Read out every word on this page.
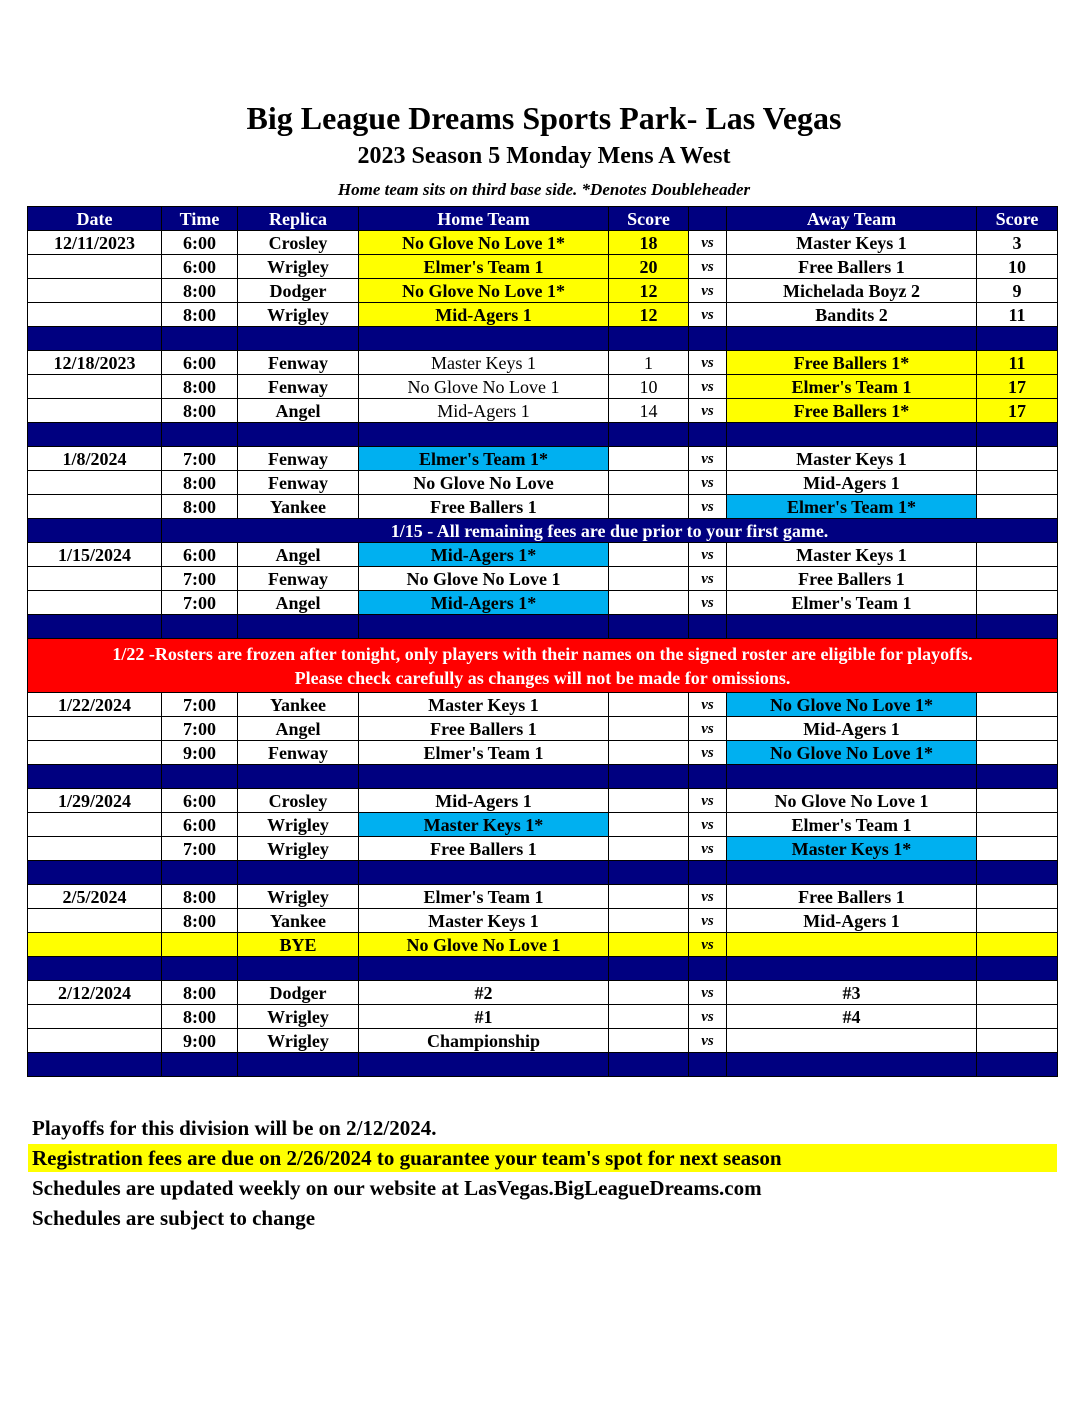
Big League Dreams Sports Park- Las Vegas
2023 Season 5 Monday Mens A West
Home team sits on third base side. *Denotes Doubleheader
Date	Time	Replica	Home Team	Score		Away Team	Score
12/11/2023	6:00	Crosley	No Glove No Love 1*	18	vs	Master Keys 1	3
	6:00	Wrigley	Elmer's Team 1	20	vs	Free Ballers 1	10
	8:00	Dodger	No Glove No Love 1*	12	vs	Michelada Boyz 2	9
	8:00	Wrigley	Mid-Agers 1	12	vs	Bandits 2	11

12/18/2023	6:00	Fenway	Master Keys 1	1	vs	Free Ballers 1*	11
	8:00	Fenway	No Glove No Love 1	10	vs	Elmer's Team 1	17
	8:00	Angel	Mid-Agers 1	14	vs	Free Ballers 1*	17

1/8/2024	7:00	Fenway	Elmer's Team 1*		vs	Master Keys 1	
	8:00	Fenway	No Glove No Love		vs	Mid-Agers 1	
	8:00	Yankee	Free Ballers 1		vs	Elmer's Team 1*	
	1/15 - All remaining fees are due prior to your first game.						
1/15/2024	6:00	Angel	Mid-Agers 1*		vs	Master Keys 1	
	7:00	Fenway	No Glove No Love 1		vs	Free Ballers 1	
	7:00	Angel	Mid-Agers 1*		vs	Elmer's Team 1	

1/22 -Rosters are frozen after tonight, only players with their names on the signed roster are eligible for playoffs.
Please check carefully as changes will not be made for omissions.							

1/22/2024	7:00	Yankee	Master Keys 1		vs	No Glove No Love 1*	
	7:00	Angel	Free Ballers 1		vs	Mid-Agers 1	
	9:00	Fenway	Elmer's Team 1		vs	No Glove No Love 1*	

1/29/2024	6:00	Crosley	Mid-Agers 1		vs	No Glove No Love 1	
	6:00	Wrigley	Master Keys 1*		vs	Elmer's Team 1	
	7:00	Wrigley	Free Ballers 1		vs	Master Keys 1*	

2/5/2024	8:00	Wrigley	Elmer's Team 1		vs	Free Ballers 1	
	8:00	Yankee	Master Keys 1		vs	Mid-Agers 1	
		BYE	No Glove No Love 1		vs		

2/12/2024	8:00	Dodger	#2		vs	#3	
	8:00	Wrigley	#1		vs	#4	
	9:00	Wrigley	Championship		vs		

Playoffs for this division will be on 2/12/2024.
Registration fees are due on 2/26/2024 to guarantee your team's spot for next season
Schedules are updated weekly on our website at LasVegas.BigLeagueDreams.com
Schedules are subject to change
